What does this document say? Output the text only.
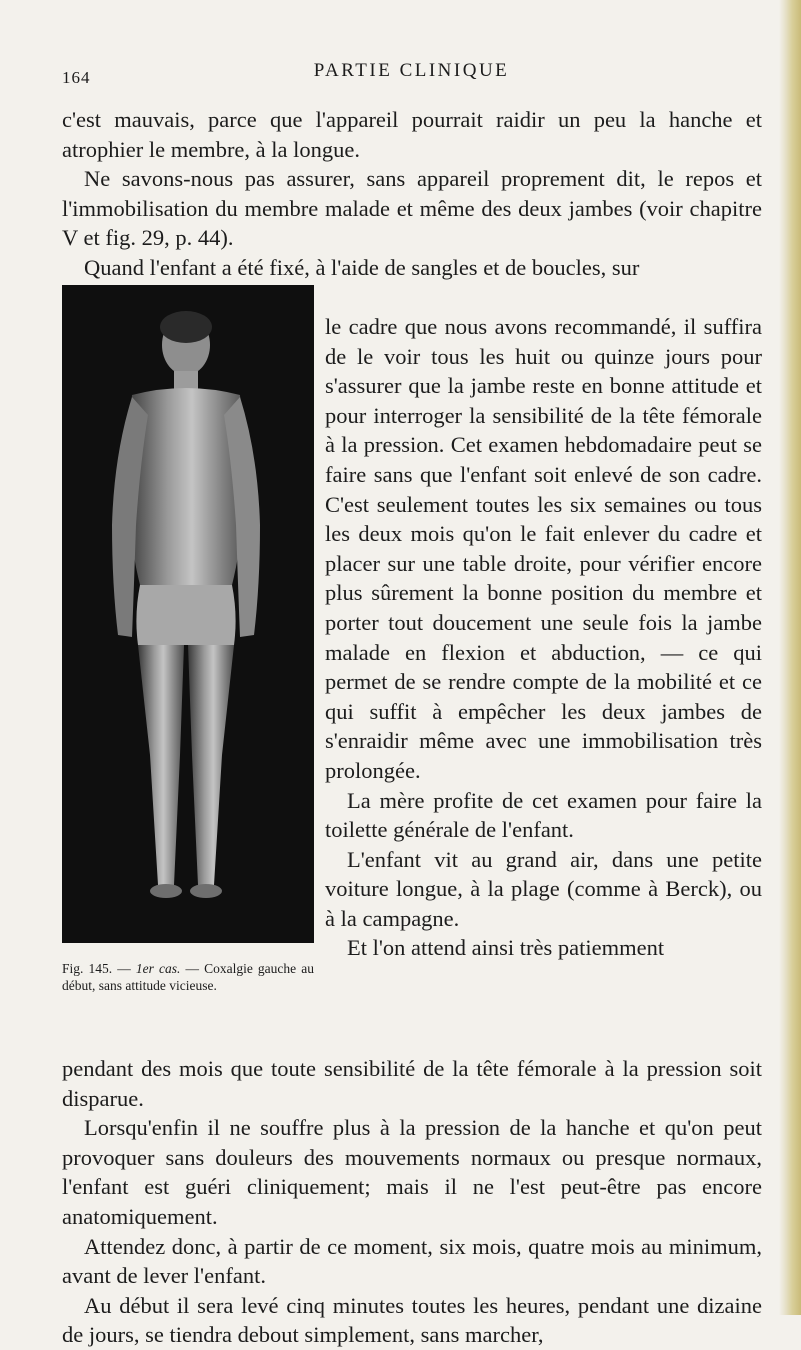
164	PARTIE CLINIQUE

c'est mauvais, parce que l'appareil pourrait raidir un peu la hanche et atrophier le membre, à la longue.

Ne savons-nous pas assurer, sans appareil proprement dit, le repos et l'immobilisation du membre malade et même des deux jambes (voir chapitre V et fig. 29, p. 44).

Quand l'enfant a été fixé, à l'aide de sangles et de boucles, sur

Fig. 145. — 1er cas. — Coxalgie gauche au début, sans attitude vicieuse.

le cadre que nous avons recommandé, il suffira de le voir tous les huit ou quinze jours pour s'assurer que la jambe reste en bonne attitude et pour interroger la sensibilité de la tête fémorale à la pression. Cet examen hebdomadaire peut se faire sans que l'enfant soit enlevé de son cadre. C'est seulement toutes les six semaines ou tous les deux mois qu'on le fait enlever du cadre et placer sur une table droite, pour vérifier encore plus sûrement la bonne position du membre et porter tout doucement une seule fois la jambe malade en flexion et abduction, — ce qui permet de se rendre compte de la mobilité et ce qui suffit à empêcher les deux jambes de s'enraidir même avec une immobilisation très prolongée.

La mère profite de cet examen pour faire la toilette générale de l'enfant.

L'enfant vit au grand air, dans une petite voiture longue, à la plage (comme à Berck), ou à la campagne.

Et l'on attend ainsi très patiemment

pendant des mois que toute sensibilité de la tête fémorale à la pression soit disparue.

Lorsqu'enfin il ne souffre plus à la pression de la hanche et qu'on peut provoquer sans douleurs des mouvements normaux ou presque normaux, l'enfant est guéri cliniquement; mais il ne l'est peut-être pas encore anatomiquement.

Attendez donc, à partir de ce moment, six mois, quatre mois au minimum, avant de lever l'enfant.

Au début il sera levé cinq minutes toutes les heures, pendant une dizaine de jours, se tiendra debout simplement, sans marcher,
